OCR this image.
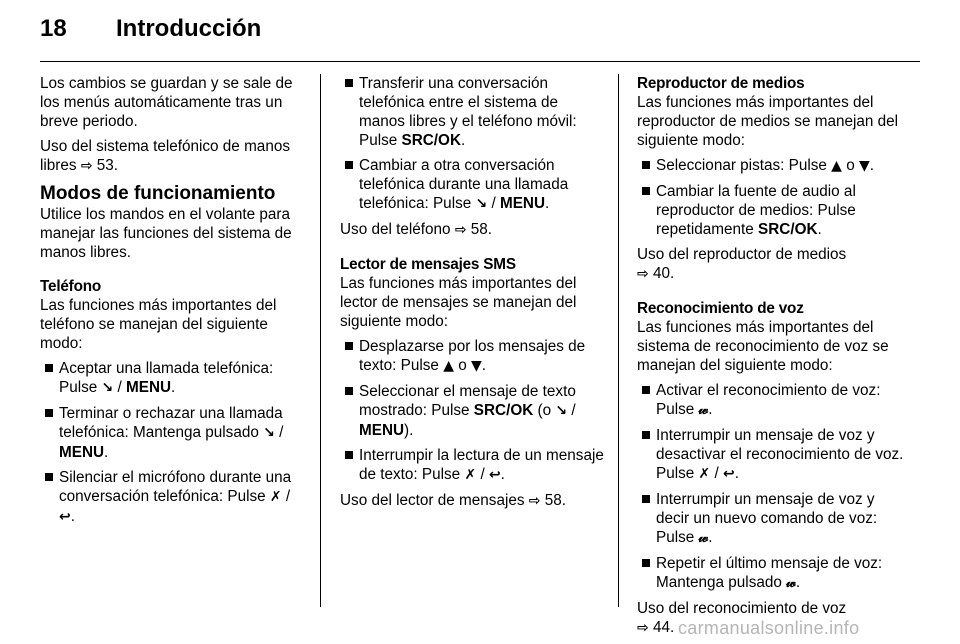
18 Introducción

Los cambios se guardan y se sale de los menús automáticamente tras un breve periodo.

Uso del sistema telefónico de manos libres ⇨ 53.

Modos de funcionamiento

Utilice los mandos en el volante para manejar las funciones del sistema de manos libres.

Teléfono

Las funciones más importantes del teléfono se manejan del siguiente modo:

Aceptar una llamada telefónica: Pulse ↘ / MENU.
Terminar o rechazar una llamada telefónica: Mantenga pulsado ↘ / MENU.
Silenciar el micrófono durante una conversación telefónica: Pulse ✗ / ↩.
Transferir una conversación telefónica entre el sistema de manos libres y el teléfono móvil: Pulse SRC/OK.
Cambiar a otra conversación telefónica durante una llamada telefónica: Pulse ↘ / MENU.

Uso del teléfono ⇨ 58.

Lector de mensajes SMS

Las funciones más importantes del lector de mensajes se manejan del siguiente modo:

Desplazarse por los mensajes de texto: Pulse ▲ o ▼.
Seleccionar el mensaje de texto mostrado: Pulse SRC/OK (o ↘ / MENU).
Interrumpir la lectura de un mensaje de texto: Pulse ✗ / ↩.

Uso del lector de mensajes ⇨ 58.

Reproductor de medios

Las funciones más importantes del reproductor de medios se manejan del siguiente modo:

Seleccionar pistas: Pulse ▲ o ▼.
Cambiar la fuente de audio al reproductor de medios: Pulse repetidamente SRC/OK.

Uso del reproductor de medios
⇨ 40.

Reconocimiento de voz

Las funciones más importantes del sistema de reconocimiento de voz se manejan del siguiente modo:

Activar el reconocimiento de voz: Pulse 𝓌.
Interrumpir un mensaje de voz y desactivar el reconocimiento de voz. Pulse ✗ / ↩.
Interrumpir un mensaje de voz y decir un nuevo comando de voz: Pulse 𝓌.
Repetir el último mensaje de voz: Mantenga pulsado 𝓌.

Uso del reconocimiento de voz
⇨ 44. carmanualsonline.info
